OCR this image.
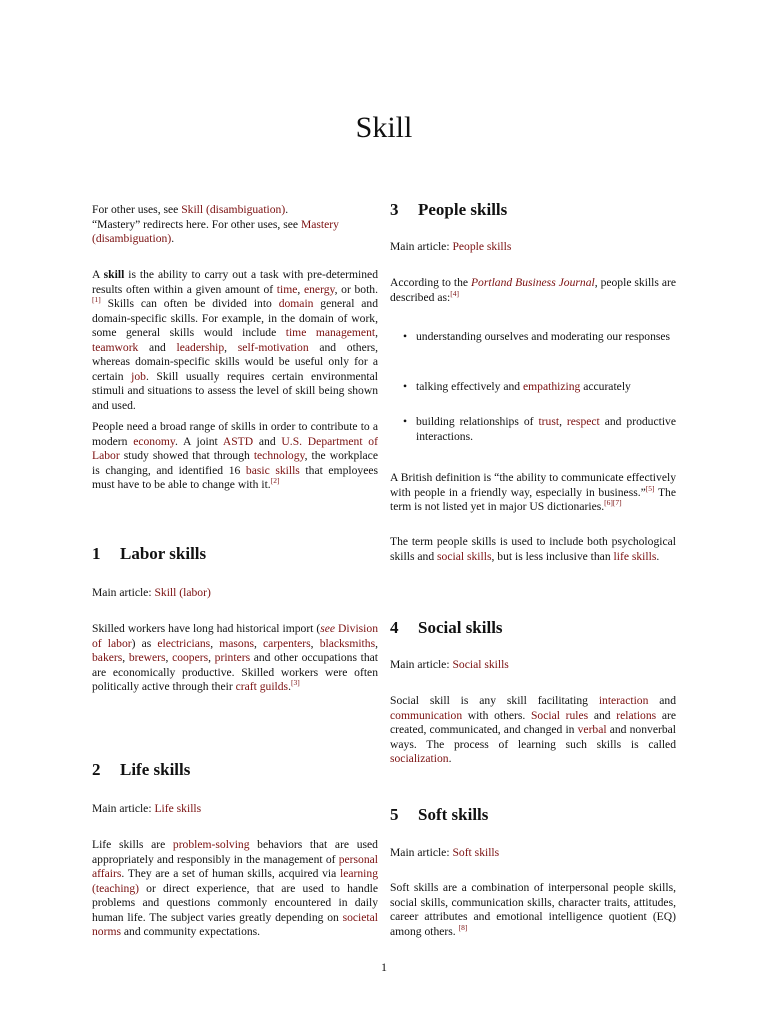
Skill
For other uses, see Skill (disambiguation).
“Mastery” redirects here. For other uses, see Mastery (disambiguation).

A skill is the ability to carry out a task with pre-determined results often within a given amount of time, energy, or both.[1] Skills can often be divided into domain general and domain-specific skills. For example, in the domain of work, some general skills would include time management, teamwork and leadership, self-motivation and others, whereas domain-specific skills would be useful only for a certain job. Skill usually requires certain environmental stimuli and situations to assess the level of skill being shown and used.

People need a broad range of skills in order to contribute to a modern economy. A joint ASTD and U.S. Department of Labor study showed that through technology, the workplace is changing, and identified 16 basic skills that employees must have to be able to change with it.[2]

1 Labor skills
Main article: Skill (labor)

Skilled workers have long had historical import (see Division of labor) as electricians, masons, carpenters, blacksmiths, bakers, brewers, coopers, printers and other occupations that are economically productive. Skilled workers were often politically active through their craft guilds.[3]

2 Life skills
Main article: Life skills

Life skills are problem-solving behaviors that are used appropriately and responsibly in the management of personal affairs. They are a set of human skills, acquired via learning (teaching) or direct experience, that are used to handle problems and questions commonly encountered in daily human life. The subject varies greatly depending on societal norms and community expectations.

3 People skills
Main article: People skills

According to the Portland Business Journal, people skills are described as:[4]

• understanding ourselves and moderating our responses
• talking effectively and empathizing accurately
• building relationships of trust, respect and productive interactions.

A British definition is “the ability to communicate effectively with people in a friendly way, especially in business.”[5] The term is not listed yet in major US dictionaries.[6][7]

The term people skills is used to include both psychological skills and social skills, but is less inclusive than life skills.

4 Social skills
Main article: Social skills

Social skill is any skill facilitating interaction and communication with others. Social rules and relations are created, communicated, and changed in verbal and nonverbal ways. The process of learning such skills is called socialization.

5 Soft skills
Main article: Soft skills

Soft skills are a combination of interpersonal people skills, social skills, communication skills, character traits, attitudes, career attributes and emotional intelligence quotient (EQ) among others. [8]

1
